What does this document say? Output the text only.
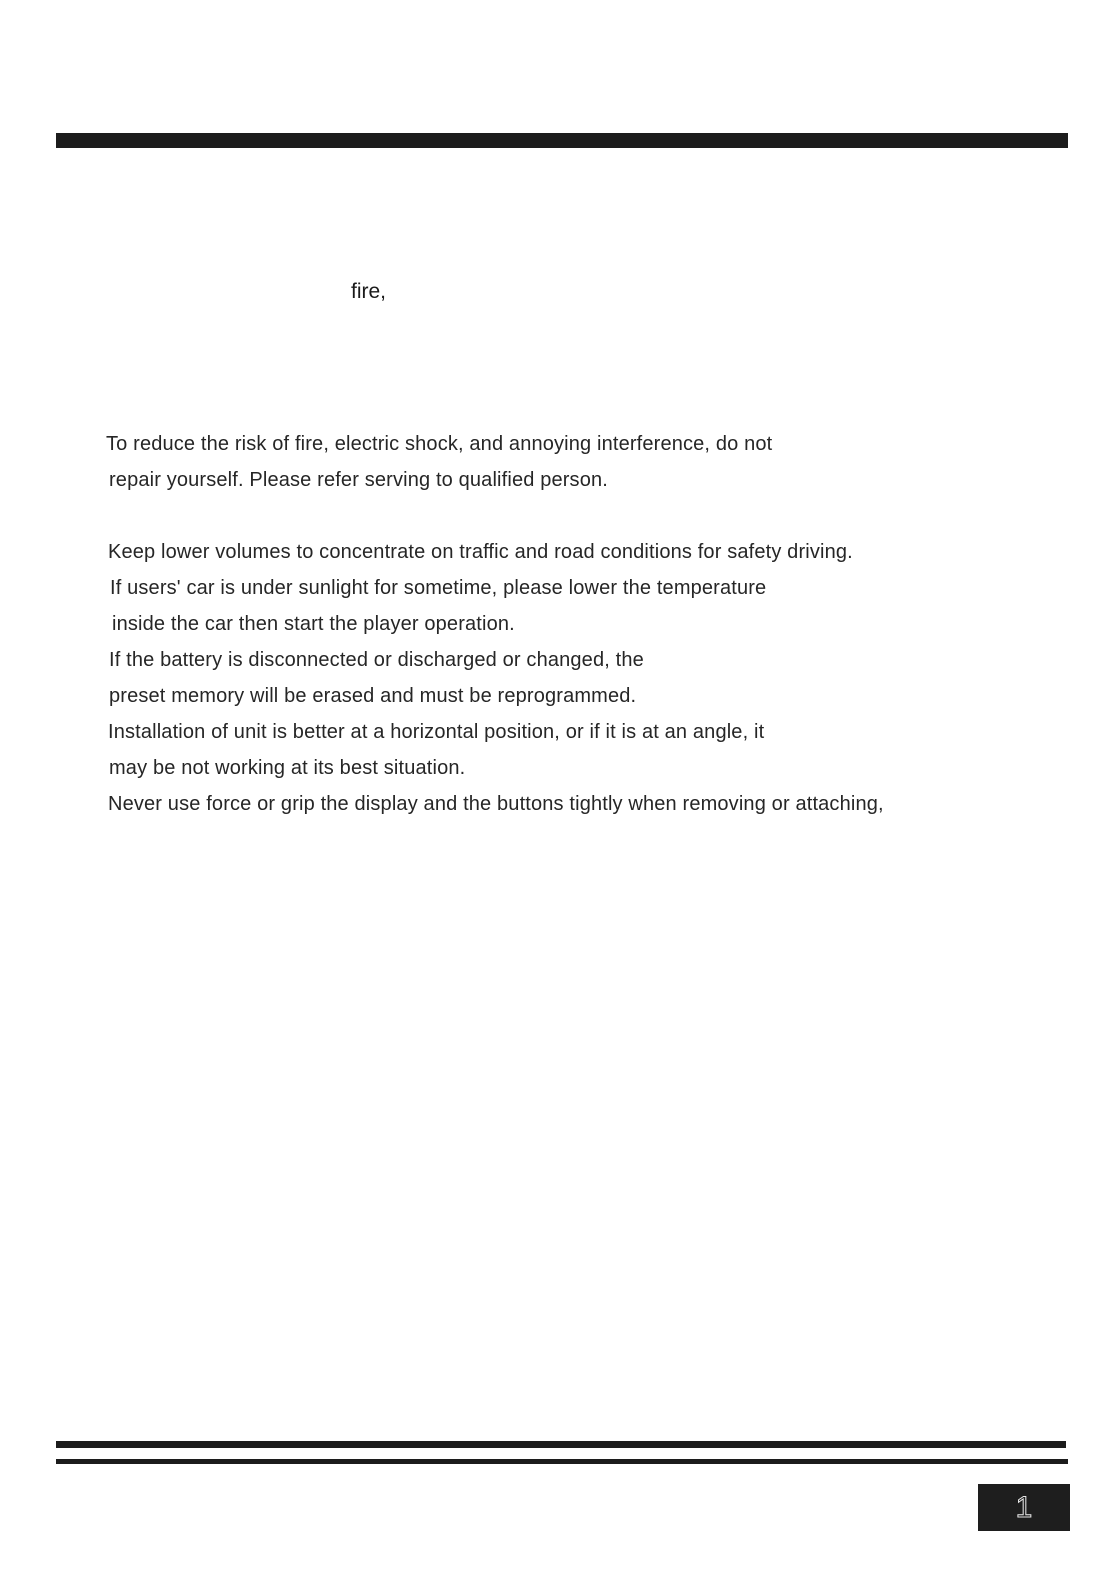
fire,
To reduce the risk of fire, electric shock, and annoying interference, do not
repair yourself. Please refer serving to qualified person.
Keep lower volumes to concentrate on traffic and road conditions for safety driving.
If users' car is under sunlight for sometime, please lower the temperature
inside the car then start the player operation.
If the battery is disconnected or discharged or changed, the
preset memory will be erased and must be reprogrammed.
Installation of unit is better at a horizontal position, or if it is at an angle, it
may be not working at its best situation.
Never use force or grip the display and the buttons tightly when removing or attaching,
1
